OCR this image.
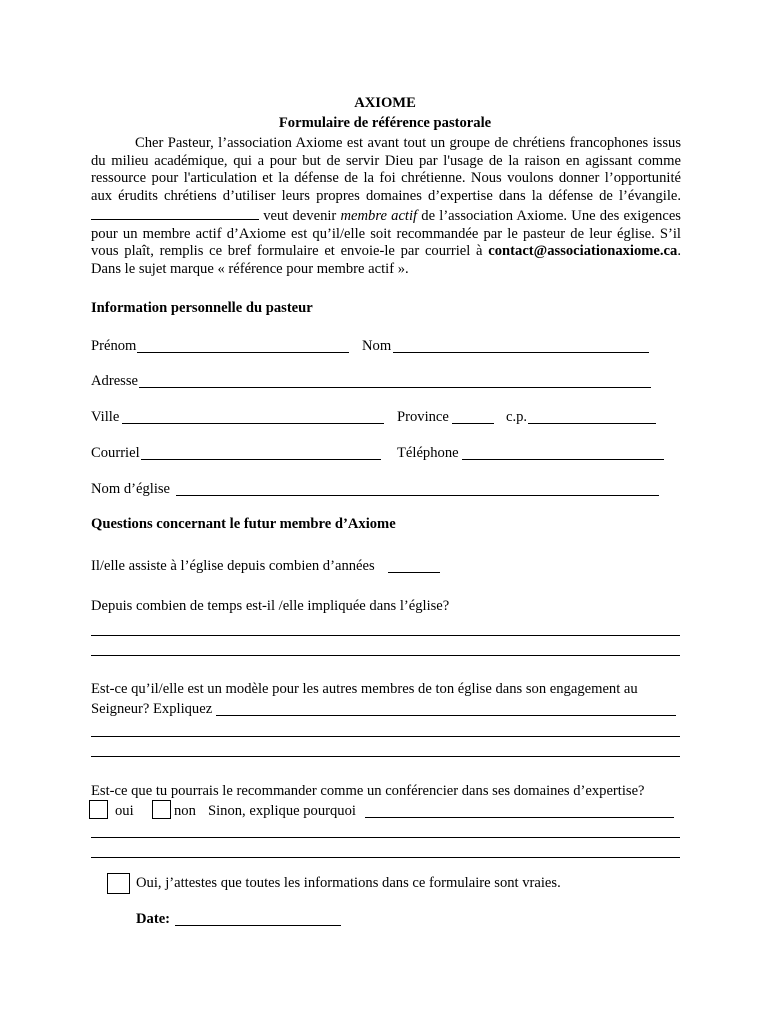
AXIOME
Formulaire de référence pastorale
Cher Pasteur, l’association Axiome est avant tout un groupe de chrétiens francophones issus du milieu académique, qui a pour but de servir Dieu par l'usage de la raison en agissant comme ressource pour l'articulation et la défense de la foi chrétienne. Nous voulons donner l’opportunité aux érudits chrétiens d’utiliser leurs propres domaines d’expertise dans la défense de l’évangile.  veut devenir membre actif de l’association Axiome. Une des exigences pour un membre actif d’Axiome est qu’il/elle soit recommandée par le pasteur de leur église. S’il vous plaît, remplis ce bref formulaire et envoie-le par courriel à contact@associationaxiome.ca. Dans le sujet marque « référence pour membre actif ».
Information personnelle du pasteur
Prénom	Nom
Adresse
Ville	Province	c.p.
Courriel	Téléphone
Nom d’église
Questions concernant le futur membre d’Axiome
Il/elle assiste à l’église depuis combien d’années
Depuis combien de temps est-il /elle impliquée dans l’église?
Est-ce qu’il/elle est un modèle pour les autres membres de ton église dans son engagement au
Seigneur? Expliquez
Est-ce que tu pourrais le recommander comme un conférencier dans ses domaines d’expertise?
oui	non Sinon, explique pourquoi
Oui, j’attestes que toutes les informations dans ce formulaire sont vraies.
Date:
